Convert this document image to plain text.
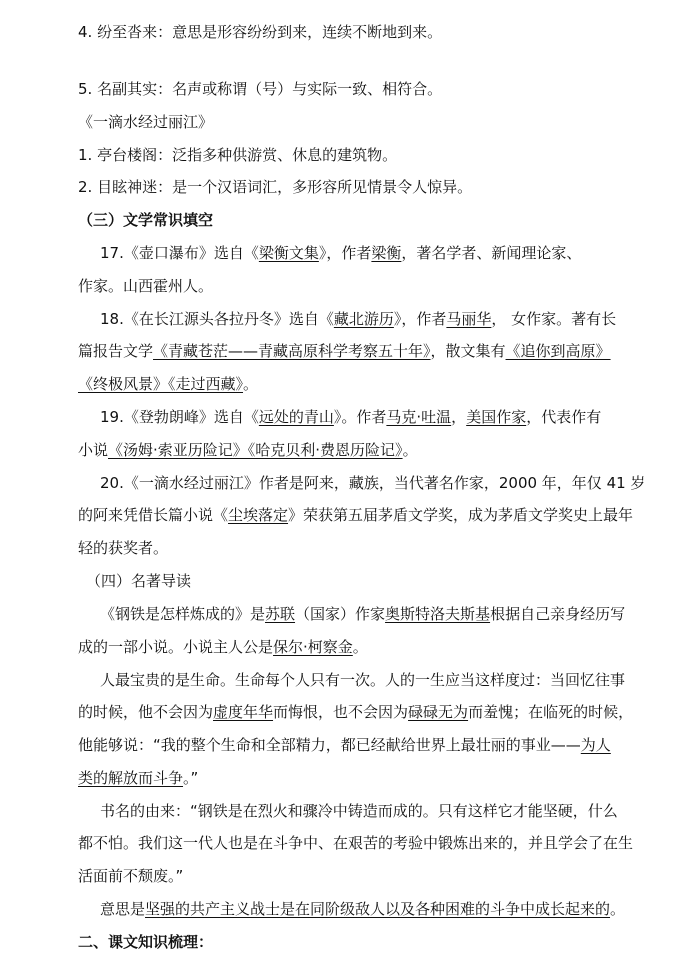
4. 纷至沓来：意思是形容纷纷到来，连续不断地到来。
5. 名副其实：名声或称谓（号）与实际一致、相符合。
《一滴水经过丽江》
1. 亭台楼阁：泛指多种供游赏、休息的建筑物。
2. 目眩神迷：是一个汉语词汇，多形容所见情景令人惊异。
（三）文学常识填空
17.《壶口瀑布》选自《梁衡文集》，作者梁衡，著名学者、新闻理论家、
作家。山西霍州人。
18.《在长江源头各拉丹冬》选自《藏北游历》，作者马丽华， 女作家。著有长
篇报告文学《青藏苍茫——青藏高原科学考察五十年》，散文集有《追你到高原》
《终极风景》《走过西藏》。
19.《登勃朗峰》选自《远处的青山》。作者马克·吐温，美国作家，代表作有
小说《汤姆·索亚历险记》《哈克贝利·费恩历险记》。
20.《一滴水经过丽江》作者是阿来，藏族，当代著名作家，2000 年，年仅 41 岁
的阿来凭借长篇小说《尘埃落定》荣获第五届茅盾文学奖，成为茅盾文学奖史上最年
轻的获奖者。
（四）名著导读
《钢铁是怎样炼成的》是苏联（国家）作家奥斯特洛夫斯基根据自己亲身经历写
成的一部小说。小说主人公是保尔·柯察金。
人最宝贵的是生命。生命每个人只有一次。人的一生应当这样度过：当回忆往事
的时候，他不会因为虚度年华而悔恨，也不会因为碌碌无为而羞愧；在临死的时候，
他能够说：“我的整个生命和全部精力，都已经献给世界上最壮丽的事业——为人
类的解放而斗争。”
书名的由来：“钢铁是在烈火和骤冷中铸造而成的。只有这样它才能坚硬，什么
都不怕。我们这一代人也是在斗争中、在艰苦的考验中锻炼出来的，并且学会了在生
活面前不颓废。”
意思是坚强的共产主义战士是在同阶级敌人以及各种困难的斗争中成长起来的。
二、课文知识梳理：
